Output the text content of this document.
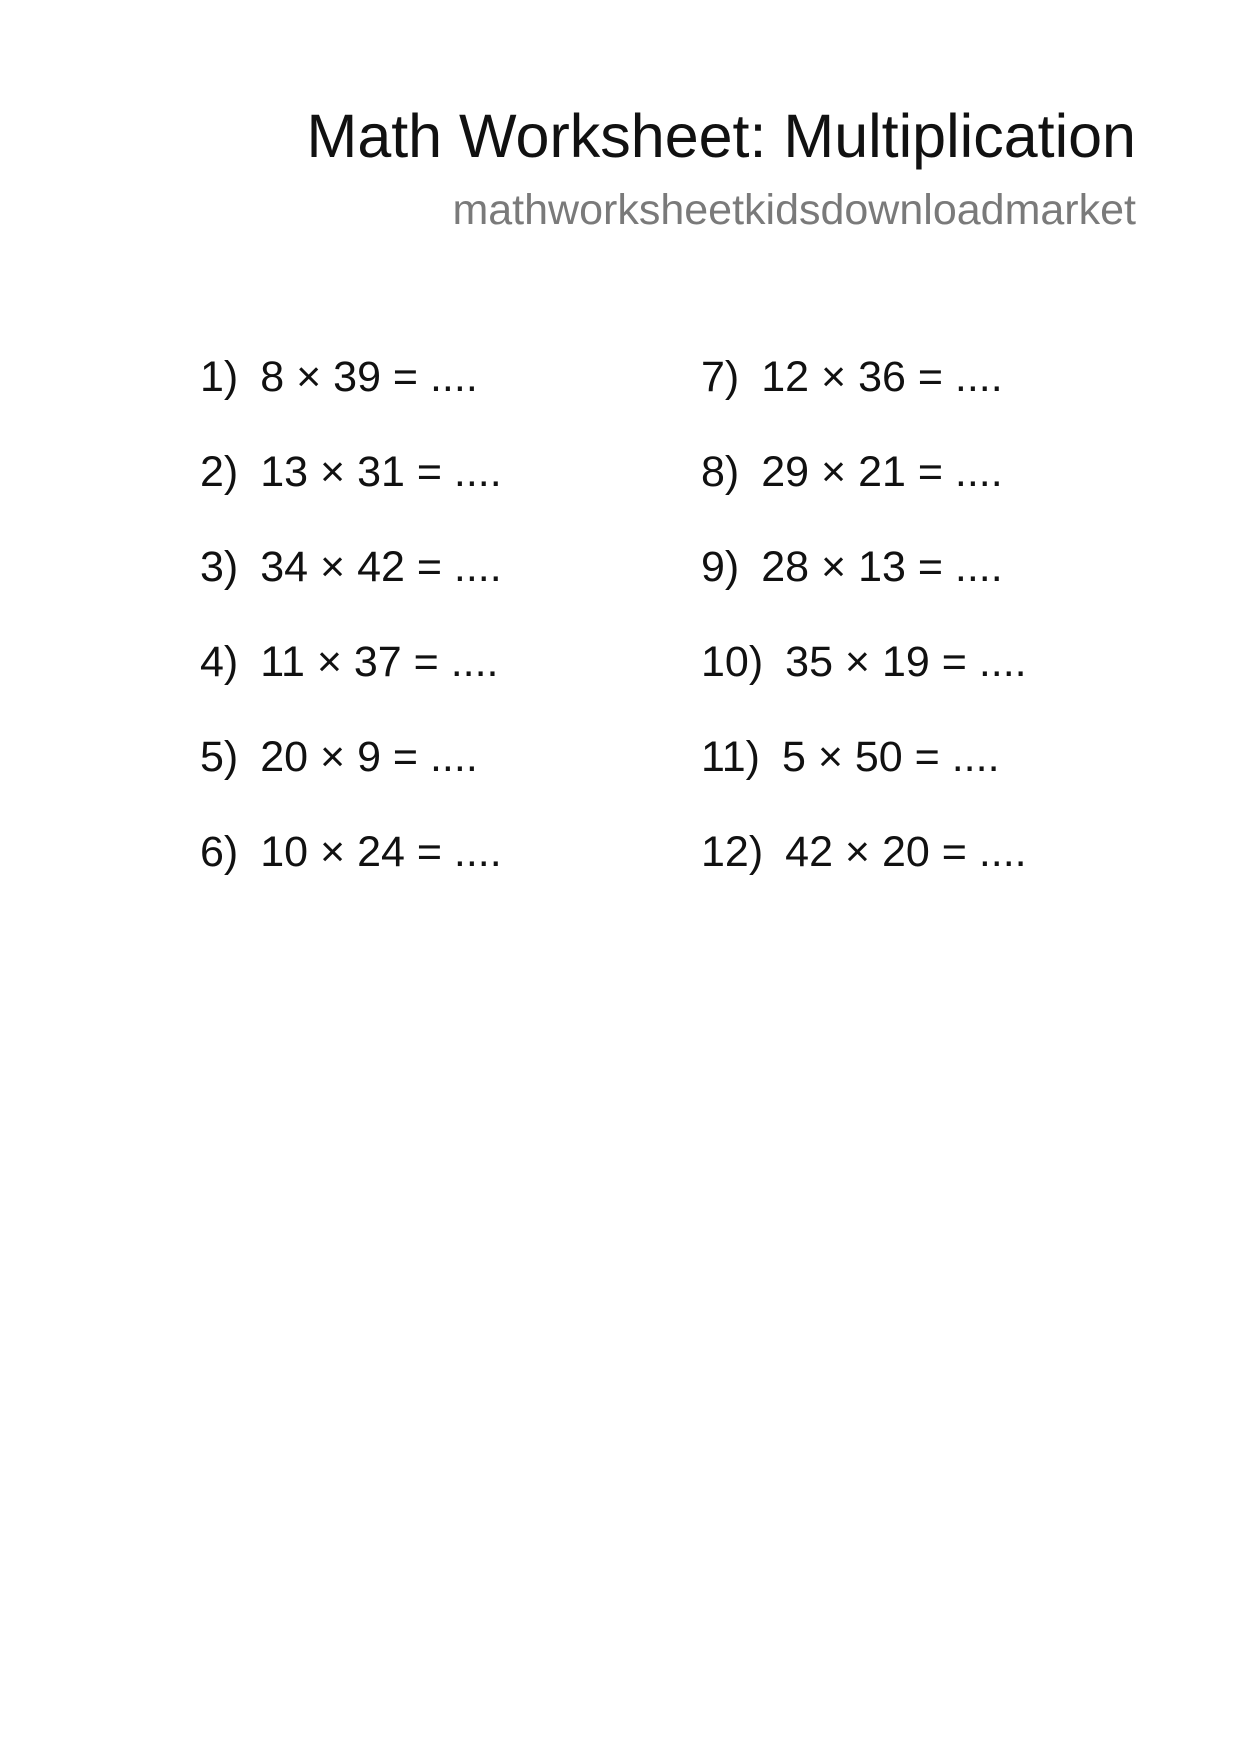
Math Worksheet: Multiplication
mathworksheetkidsdownloadmarket
1) 8 × 39 = ....
2) 13 × 31 = ....
3) 34 × 42 = ....
4) 11 × 37 = ....
5) 20 × 9 = ....
6) 10 × 24 = ....
7) 12 × 36 = ....
8) 29 × 21 = ....
9) 28 × 13 = ....
10) 35 × 19 = ....
11) 5 × 50 = ....
12) 42 × 20 = ....
